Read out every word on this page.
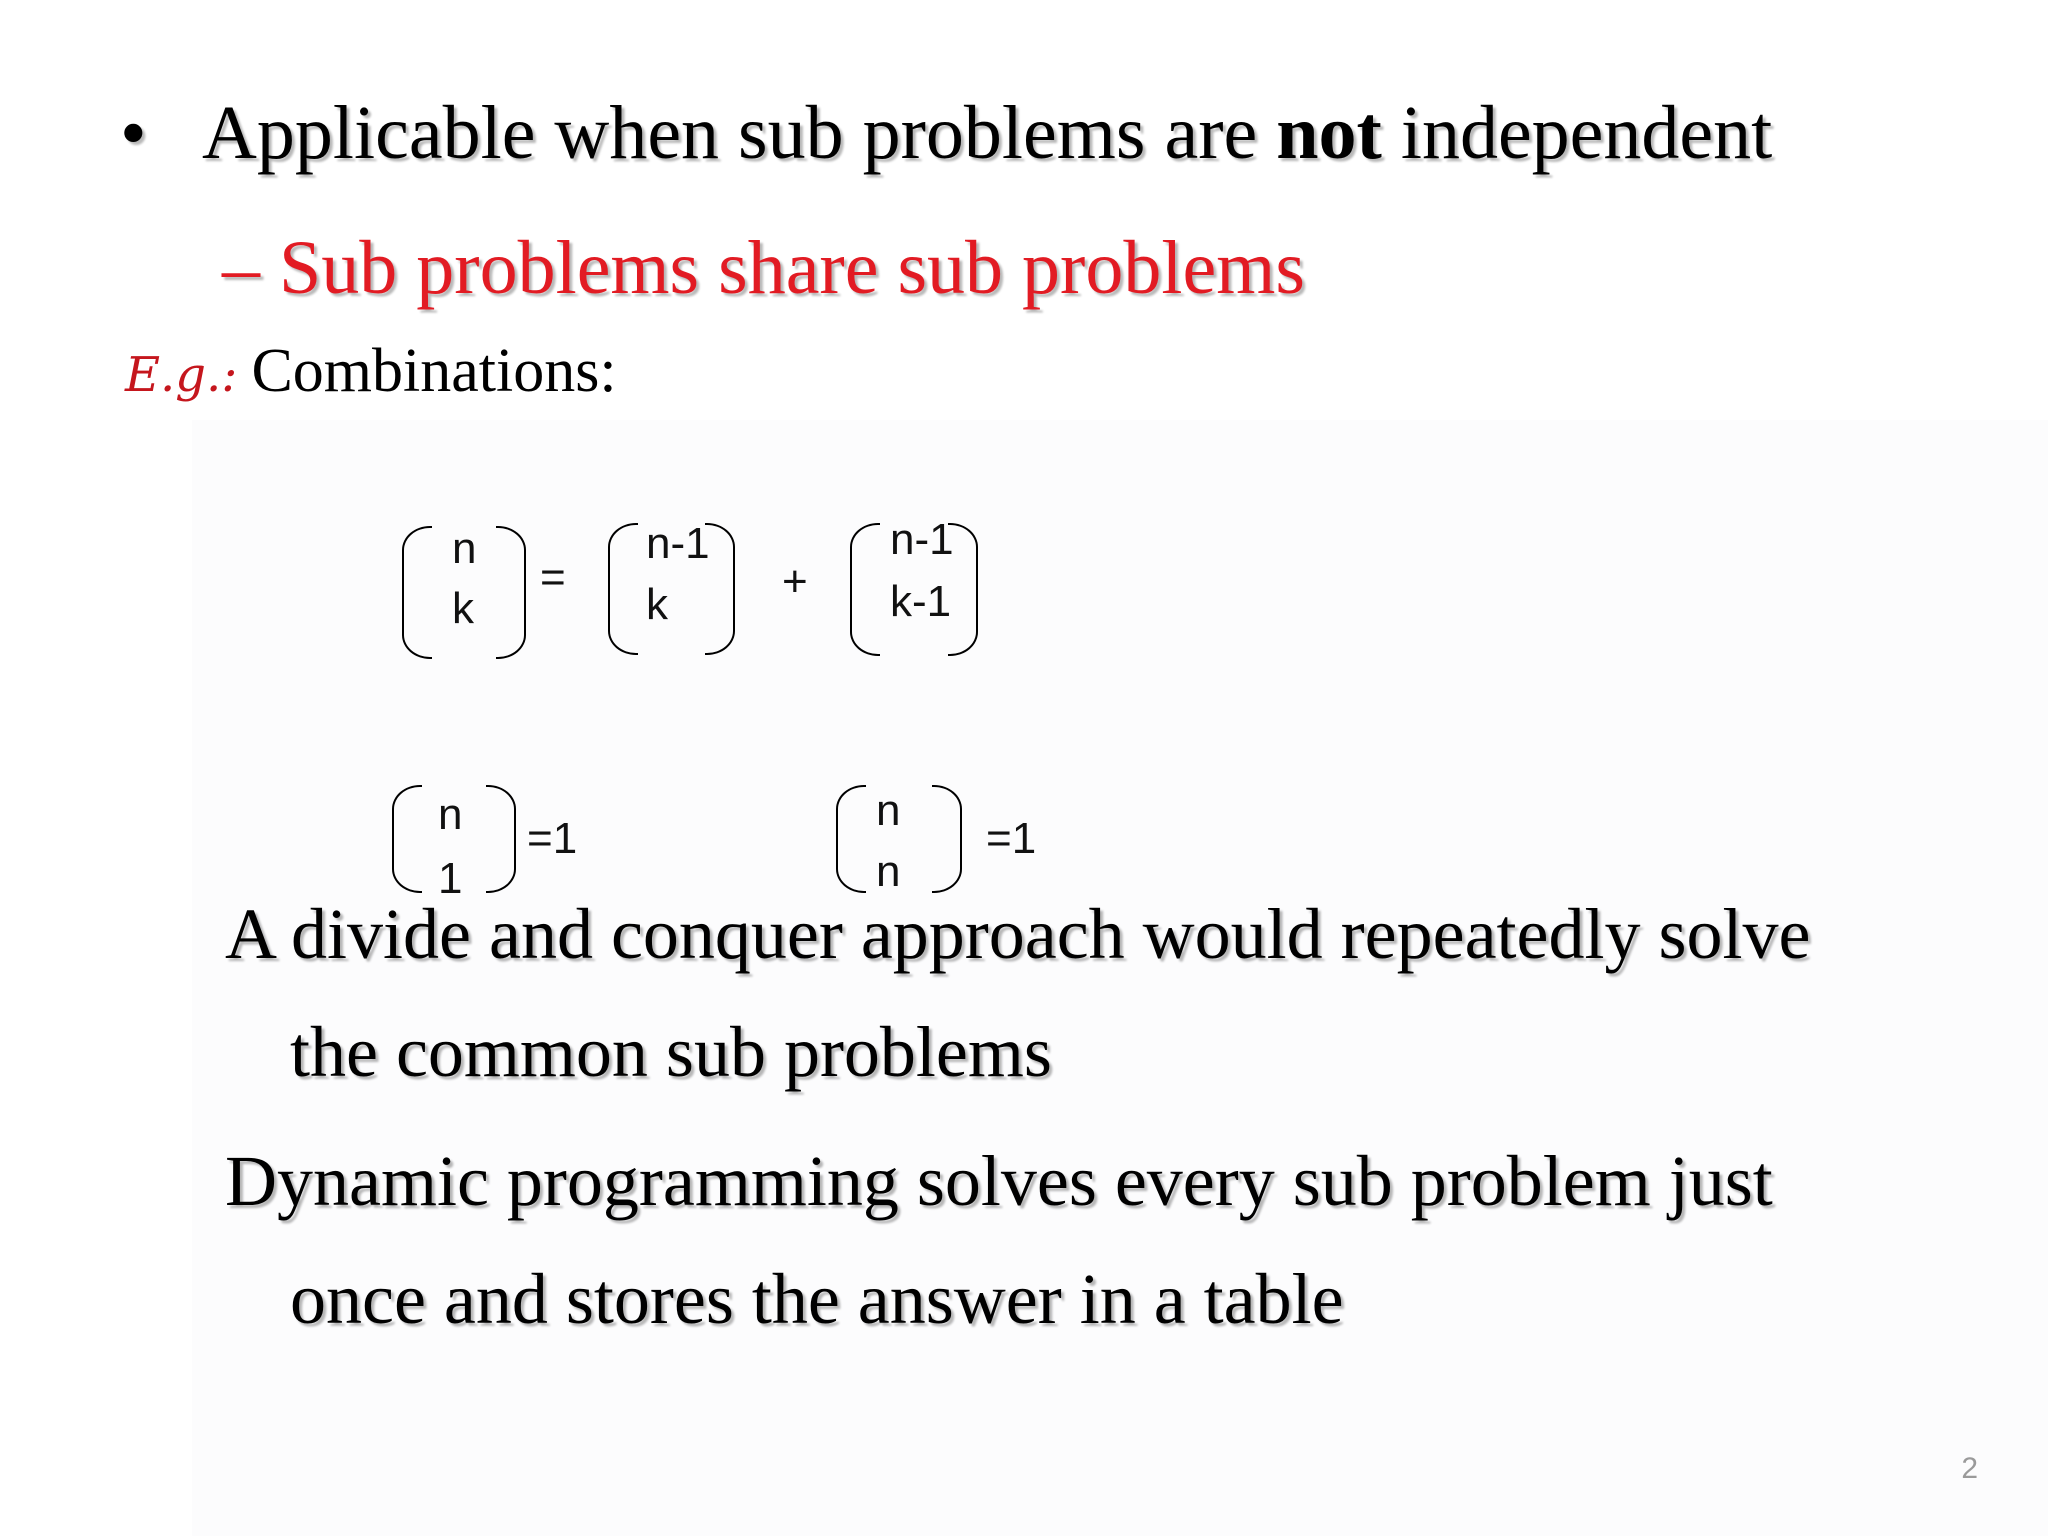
• Applicable when sub problems are not independent
– Sub problems share sub problems
E.g.: Combinations:
n
k
=
n-1
k	+
n-1
k-1
n
1
=1
n
n
=1
A divide and conquer approach would repeatedly solve
the common sub problems
Dynamic programming solves every sub problem just
once and stores the answer in a table
2
